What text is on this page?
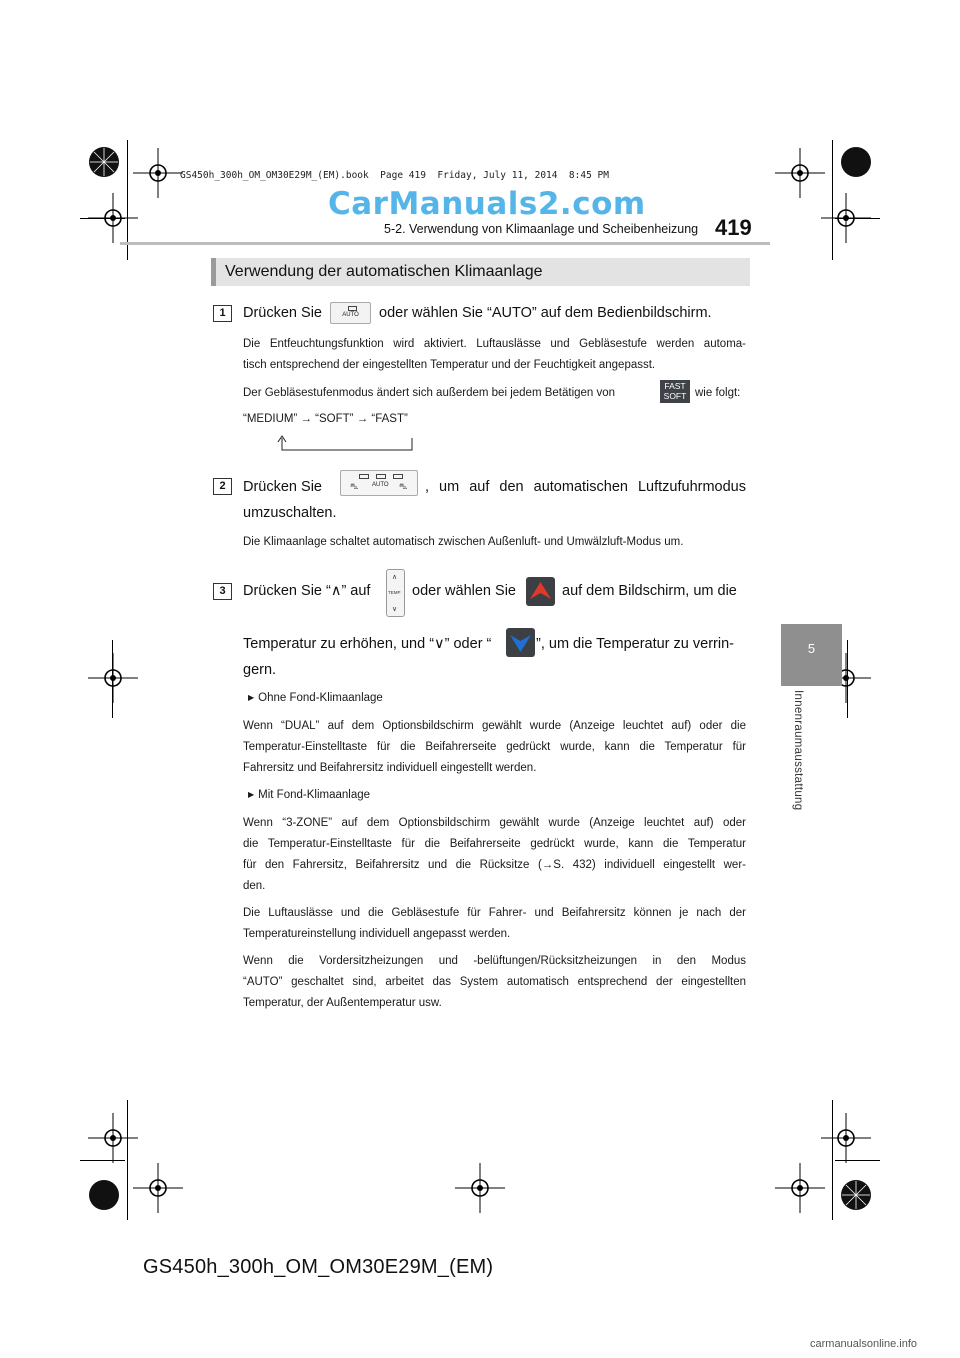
GS450h_300h_OM_OM30E29M_(EM).book  Page 419  Friday, July 11, 2014  8:45 PM
CarManuals2.com
5-2. Verwendung von Klimaanlage und Scheibenheizung 419
5
Innenraumausstattung
Verwendung der automatischen Klimaanlage
1	Drücken Sie	AUTO	oder wählen Sie “AUTO” auf dem Bedienbildschirm.
Die Entfeuchtungsfunktion wird aktiviert. Luftauslässe und Gebläsestufe werden automa-
tisch entsprechend der eingestellten Temperatur und der Feuchtigkeit angepasst.
Der Gebläsestufenmodus ändert sich außerdem bei jedem Betätigen von
FAST
SOFT wie folgt:
“MEDIUM” → “SOFT” → “FAST”
2	Drücken Sie	⛍ AUTO ⛍ , um auf den automatischen Luftzufuhrmodus
umzuschalten.
Die Klimaanlage schaltet automatisch zwischen Außenluft- und Umwälzluft-Modus um.
3	Drücken Sie “∧” auf
∧
TEMP
∨
oder wählen Sie	auf dem Bildschirm, um die
Temperatur zu erhöhen, und “∨” oder “	”, um die Temperatur zu verrin-
gern.
▶ Ohne Fond-Klimaanlage
Wenn “DUAL” auf dem Optionsbildschirm gewählt wurde (Anzeige leuchtet auf) oder die
Temperatur-Einstelltaste für die Beifahrerseite gedrückt wurde, kann die Temperatur für
Fahrersitz und Beifahrersitz individuell eingestellt werden.
▶ Mit Fond-Klimaanlage
Wenn “3-ZONE” auf dem Optionsbildschirm gewählt wurde (Anzeige leuchtet auf) oder
die Temperatur-Einstelltaste für die Beifahrerseite gedrückt wurde, kann die Temperatur
für den Fahrersitz, Beifahrersitz und die Rücksitze (→S. 432) individuell eingestellt wer-
den.
Die Luftauslässe und die Gebläsestufe für Fahrer- und Beifahrersitz können je nach der
Temperatureinstellung individuell angepasst werden.
Wenn die Vordersitzheizungen und -belüftungen/Rücksitzheizungen in den Modus
“AUTO” geschaltet sind, arbeitet das System automatisch entsprechend der eingestellten
Temperatur, der Außentemperatur usw.
GS450h_300h_OM_OM30E29M_(EM)
carmanualsonline.info
